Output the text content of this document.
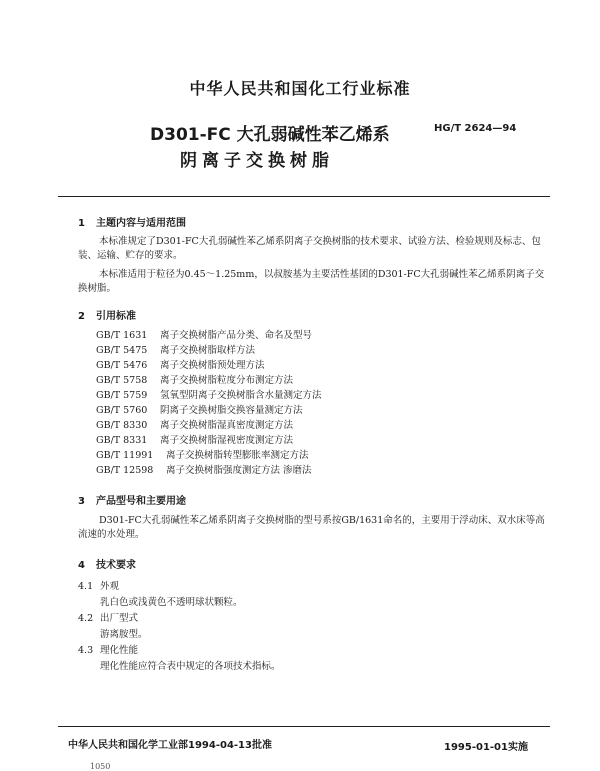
中华人民共和国化工行业标准
D301-FC 大孔弱碱性苯乙烯系	HG/T 2624—94
阴离子交换树脂
1 主题内容与适用范围
本标准规定了D301-FC大孔弱碱性苯乙烯系阴离子交换树脂的技术要求、试验方法、检验规则及标志、包装、运输、贮存的要求。
本标准适用于粒径为0.45～1.25mm，以叔胺基为主要活性基团的D301-FC大孔弱碱性苯乙烯系阴离子交换树脂。
2 引用标准
GB/T 1631 离子交换树脂产品分类、命名及型号
GB/T 5475 离子交换树脂取样方法
GB/T 5476 离子交换树脂预处理方法
GB/T 5758 离子交换树脂粒度分布测定方法
GB/T 5759 氢氧型阴离子交换树脂含水量测定方法
GB/T 5760 阴离子交换树脂交换容量测定方法
GB/T 8330 离子交换树脂湿真密度测定方法
GB/T 8331 离子交换树脂湿视密度测定方法
GB/T 11991 离子交换树脂转型膨胀率测定方法
GB/T 12598 离子交换树脂强度测定方法 渗磨法
3 产品型号和主要用途
D301-FC大孔弱碱性苯乙烯系阴离子交换树脂的型号系按GB/1631命名的，主要用于浮动床、双水床等高流速的水处理。
4 技术要求
4.1 外观
乳白色或浅黄色不透明球状颗粒。
4.2 出厂型式
游离胺型。
4.3 理化性能
理化性能应符合表中规定的各项技术指标。
中华人民共和国化学工业部1994-04-13批准	1995-01-01实施
1050
